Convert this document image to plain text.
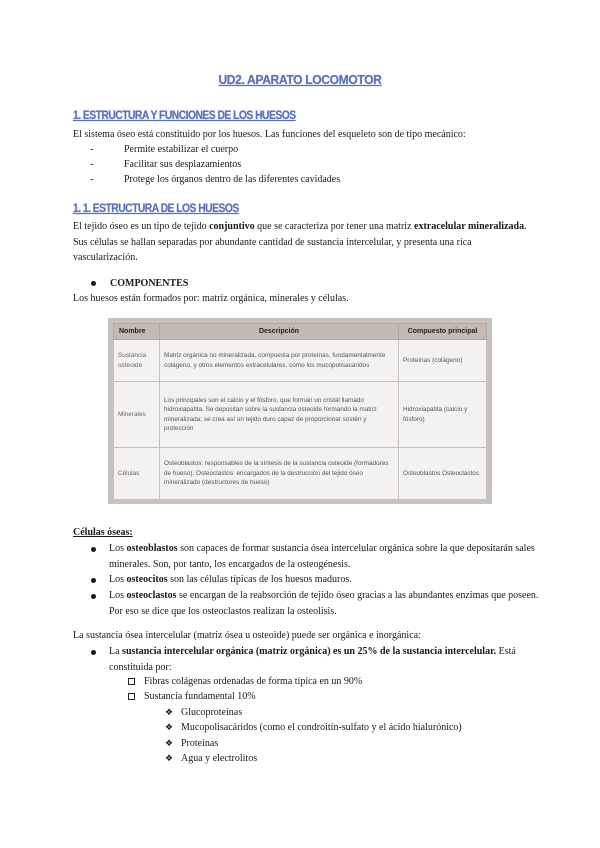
UD2. APARATO LOCOMOTOR
1. ESTRUCTURA Y FUNCIONES DE LOS HUESOS
El sistema óseo está constituido por los huesos. Las funciones del esqueleto son de tipo mecánico:
-	Permite estabilizar el cuerpo
-	Facilitar sus desplazamientos
-	Protege los órganos dentro de las diferentes cavidades
1. 1. ESTRUCTURA DE LOS HUESOS
El tejido óseo es un tipo de tejido conjuntivo que se caracteriza por tener una matriz extracelular mineralizada. Sus células se hallan separadas por abundante cantidad de sustancia intercelular, y presenta una rica vascularización.
COMPONENTES
Los huesos están formados por: matriz orgánica, minerales y células.
Nombre	Descripción	Compuesto principal
Sustancia osteoide	Matriz orgánica no mineralizada, compuesta por proteínas, fundamentalmente colágeno, y otros elementos extracelulares, como los mucopolisacáridos	Proteínas (colágeno)
Minerales	Los principales son el calcio y el fósforo, que forman un cristal llamado hidroxiapatita. Se depositan sobre la sustancia osteoide formando la matriz mineralizada; se crea así un tejido duro capaz de proporcionar sostén y protección	Hidroxiapatita (calcio y fósforo)
Células	Osteoblastos: responsables de la síntesis de la sustancia osteoide (formadores de hueso). Osteoclastos: encargados de la destrucción del tejido óseo mineralizado (destructores de hueso)	Osteoblastos Osteoclastos
Células óseas:
Los osteoblastos son capaces de formar sustancia ósea intercelular orgánica sobre la que depositarán sales minerales. Son, por tanto, los encargados de la osteogénesis.
Los osteocitos son las células típicas de los huesos maduros.
Los osteoclastos se encargan de la reabsorción de tejido óseo gracias a las abundantes enzimas que poseen. Por eso se dice que los osteoclastos realizan la osteolisis.
La sustancia ósea intercelular (matriz ósea u osteoide) puede ser orgánica e inorgánica:
La sustancia intercelular orgánica (matriz orgánica) es un 25% de la sustancia intercelular. Está constituida por:
Fibras colágenas ordenadas de forma típica en un 90%
Sustancia fundamental 10%
❖ Glucoproteínas
❖ Mucopolisacáridos (como el condroitín-sulfato y el ácido hialurónico)
❖ Proteínas
❖ Agua y electrolitos
